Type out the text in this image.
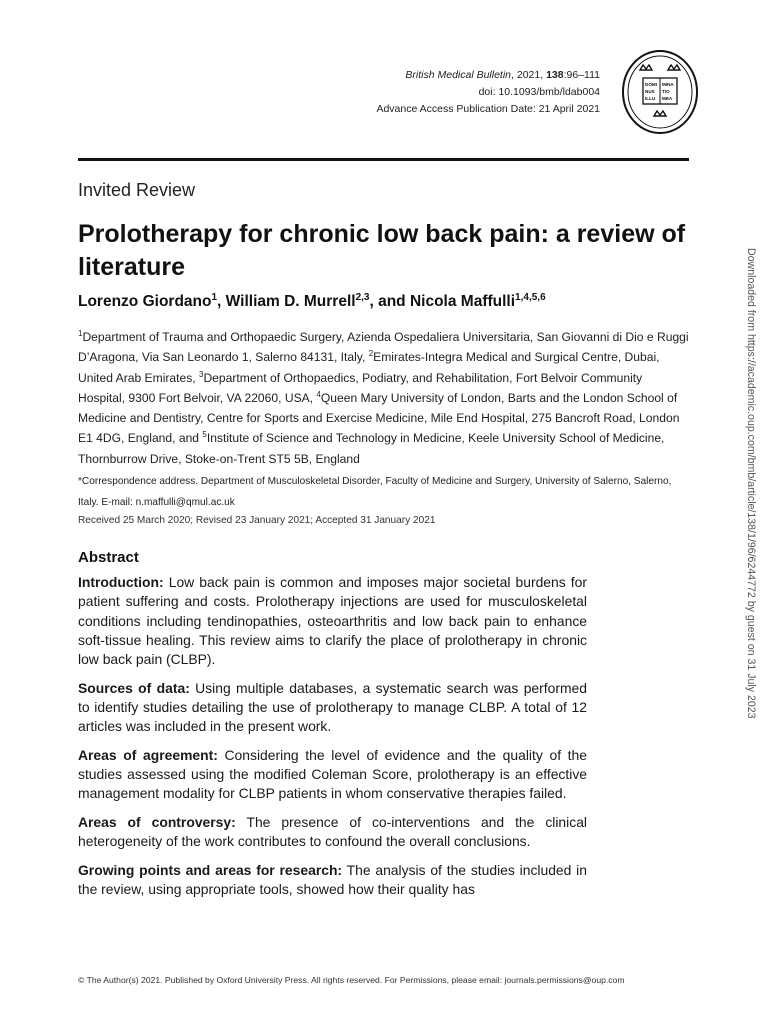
British Medical Bulletin, 2021, 138:96–111
doi: 10.1093/bmb/ldab004
Advance Access Publication Date: 21 April 2021
DOMI
NUS
ILLU
MINA
TIO
MEA
Invited Review
Prolotherapy for chronic low back pain: a review of literature
Lorenzo Giordano$^1$, William D. Murrell$^{2,3}$, and Nicola Maffulli$^{1,4,5,6}$
$^1$Department of Trauma and Orthopaedic Surgery, Azienda Ospedaliera Universitaria, San Giovanni di Dio e Ruggi D’Aragona, Via San Leonardo 1, Salerno 84131, Italy, $^2$Emirates-Integra Medical and Surgical Centre, Dubai, United Arab Emirates, $^3$Department of Orthopaedics, Podiatry, and Rehabilitation, Fort Belvoir Community Hospital, 9300 Fort Belvoir, VA 22060, USA, $^4$Queen Mary University of London, Barts and the London School of Medicine and Dentistry, Centre for Sports and Exercise Medicine, Mile End Hospital, 275 Bancroft Road, London E1 4DG, England, and $^5$Institute of Science and Technology in Medicine, Keele University School of Medicine, Thornburrow Drive, Stoke-on-Trent ST5 5B, England
*Correspondence address. Department of Musculoskeletal Disorder, Faculty of Medicine and Surgery, University of Salerno, Salerno, Italy. E-mail: n.maffulli@qmul.ac.uk
Received 25 March 2020; Revised 23 January 2021; Accepted 31 January 2021
Abstract

Introduction: Low back pain is common and imposes major societal burdens for patient suffering and costs. Prolotherapy injections are used for musculoskeletal conditions including tendinopathies, osteoarthritis and low back pain to enhance soft-tissue healing. This review aims to clarify the place of prolotherapy in chronic low back pain (CLBP).

Sources of data: Using multiple databases, a systematic search was performed to identify studies detailing the use of prolotherapy to manage CLBP. A total of 12 articles was included in the present work.

Areas of agreement: Considering the level of evidence and the quality of the studies assessed using the modified Coleman Score, prolotherapy is an effective management modality for CLBP patients in whom conservative therapies failed.

Areas of controversy: The presence of co-interventions and the clinical heterogeneity of the work contributes to confound the overall conclusions.

Growing points and areas for research: The analysis of the studies included in the review, using appropriate tools, showed how their quality has

© The Author(s) 2021. Published by Oxford University Press. All rights reserved. For Permissions, please email: journals.permissions@oup.com
Downloaded from https://academic.oup.com/bmb/article/138/1/96/6244772 by guest on 31 July 2023
